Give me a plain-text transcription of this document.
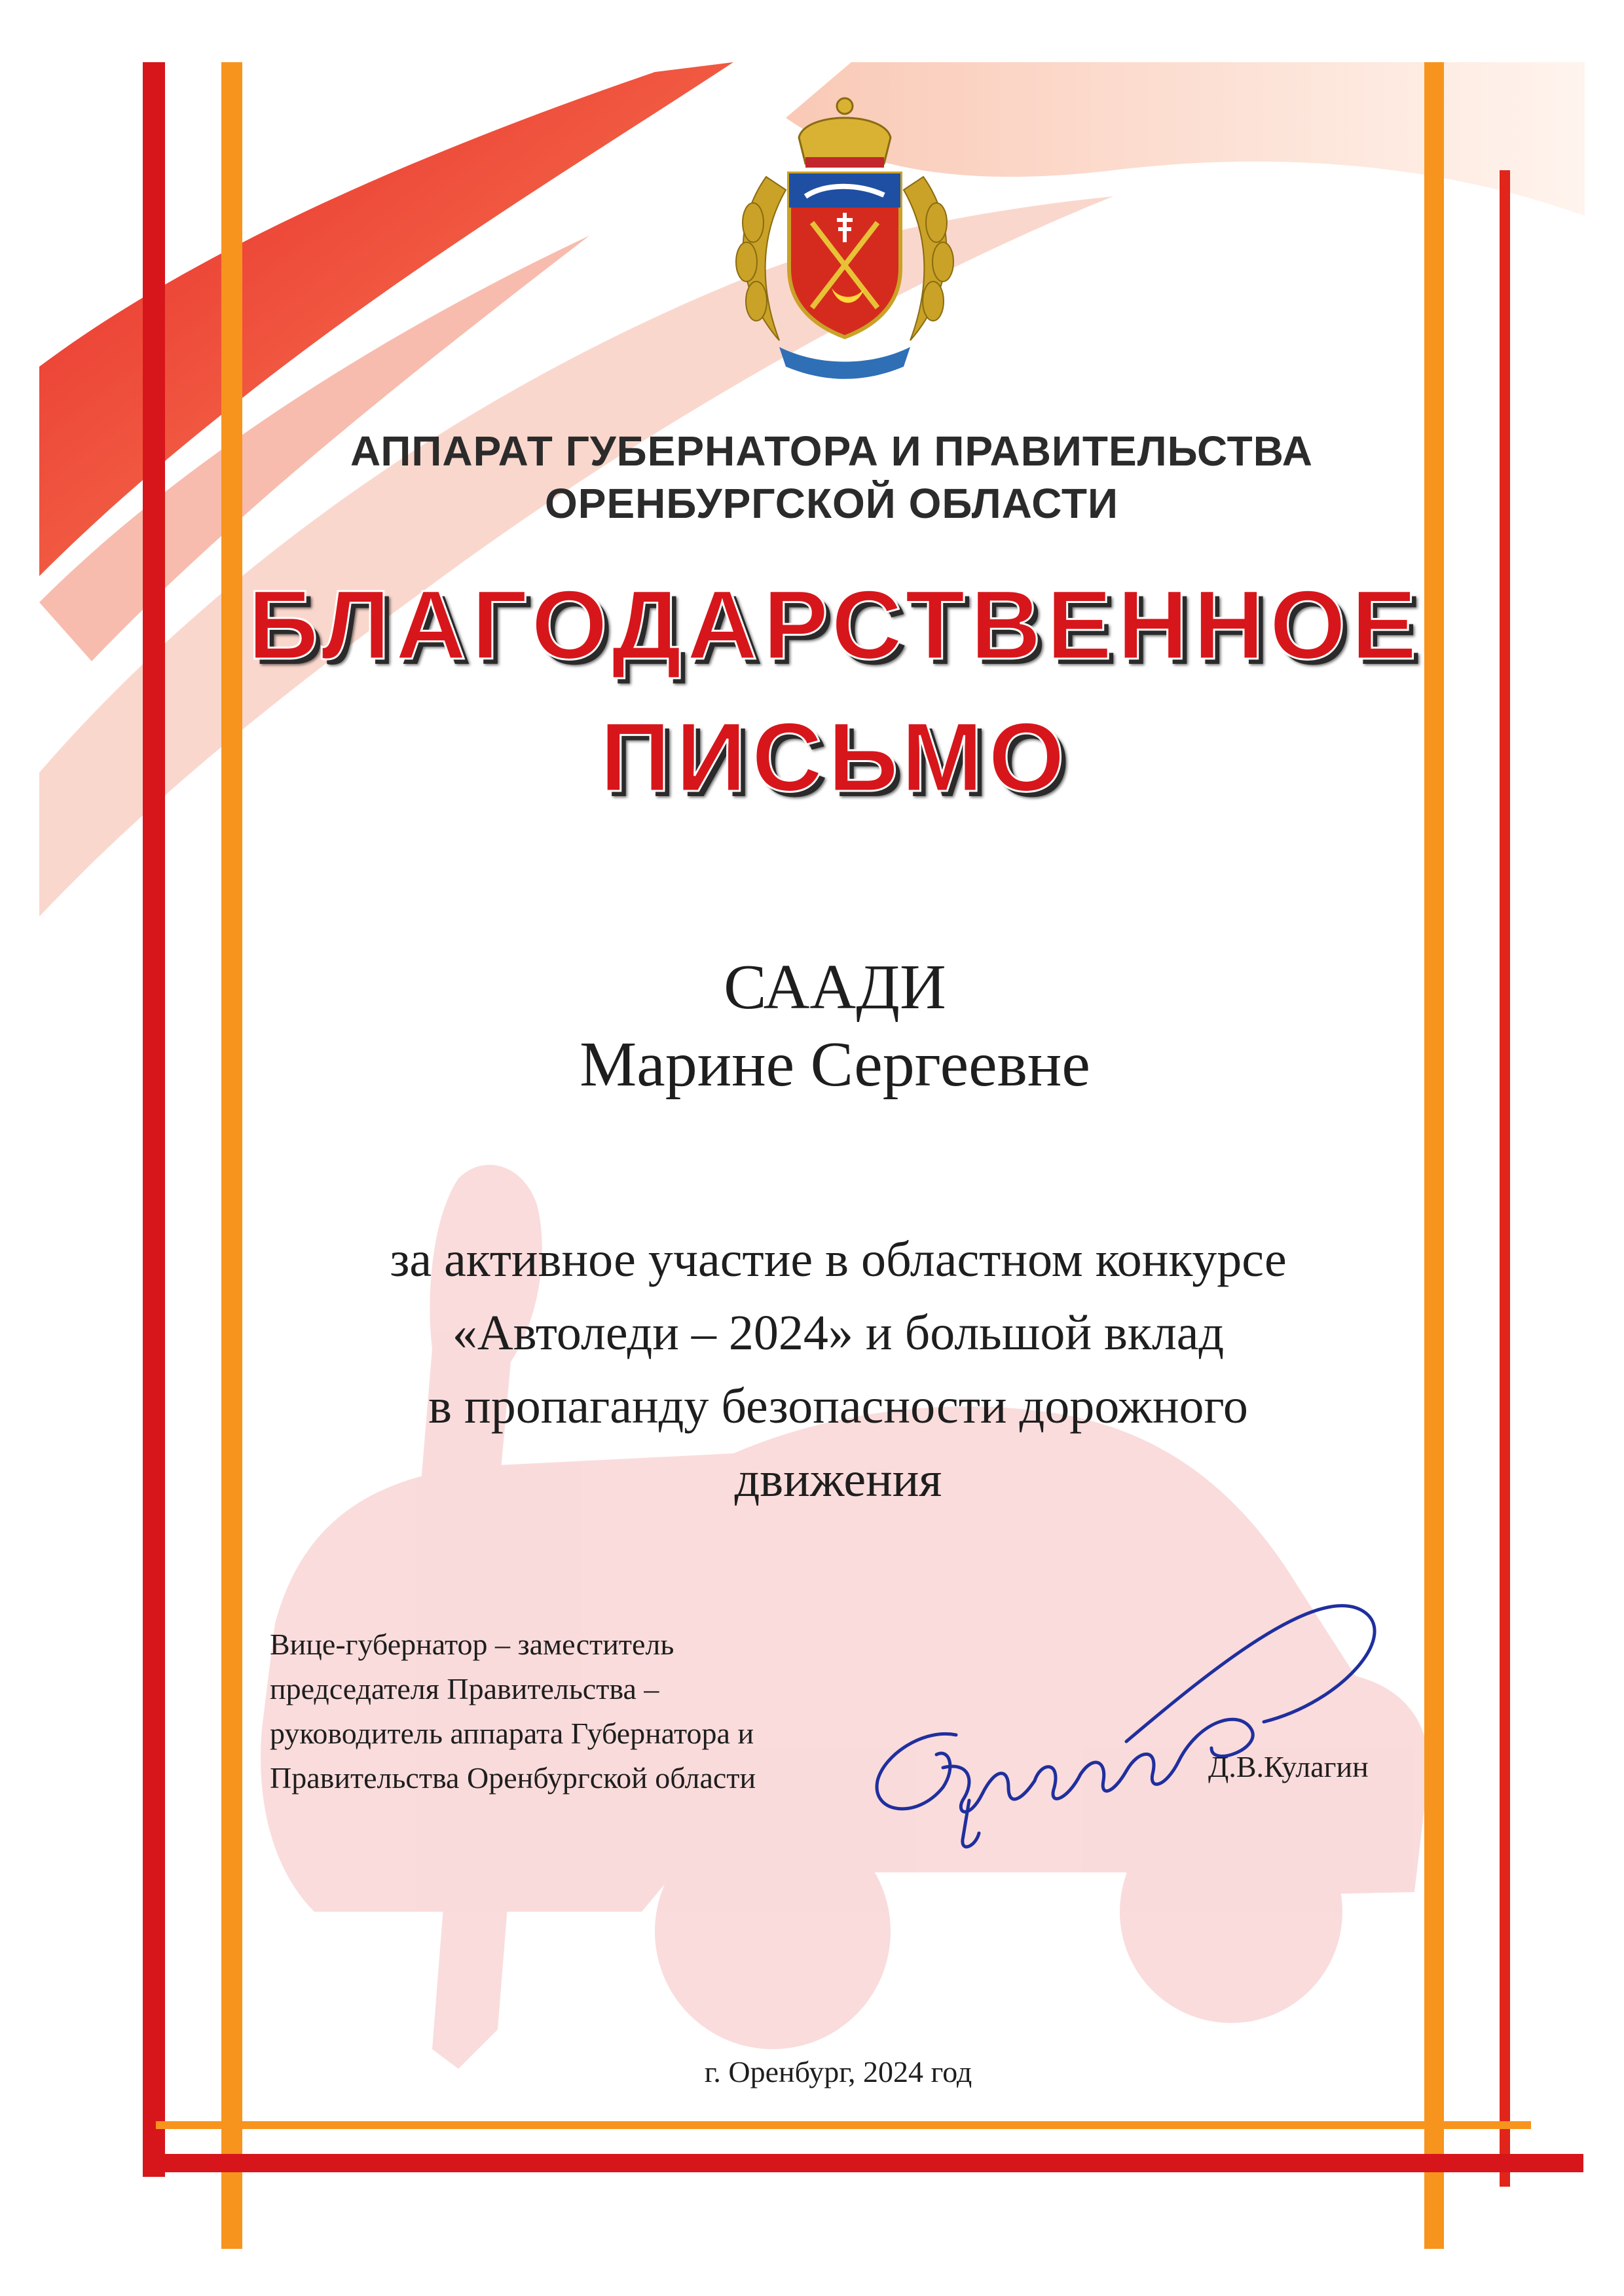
АППАРАТ ГУБЕРНАТОРА И ПРАВИТЕЛЬСТВА
ОРЕНБУРГСКОЙ ОБЛАСТИ
БЛАГОДАРСТВЕННОЕ
ПИСЬМО
СААДИ
Марине Сергеевне
за активное участие в областном конкурсе
«Автоледи – 2024» и большой вклад
в пропаганду безопасности дорожного
движения
Вице-губернатор – заместитель
председателя Правительства –
руководитель аппарата Губернатора и
Правительства Оренбургской области	Д.В.Кулагин
г. Оренбург, 2024 год
